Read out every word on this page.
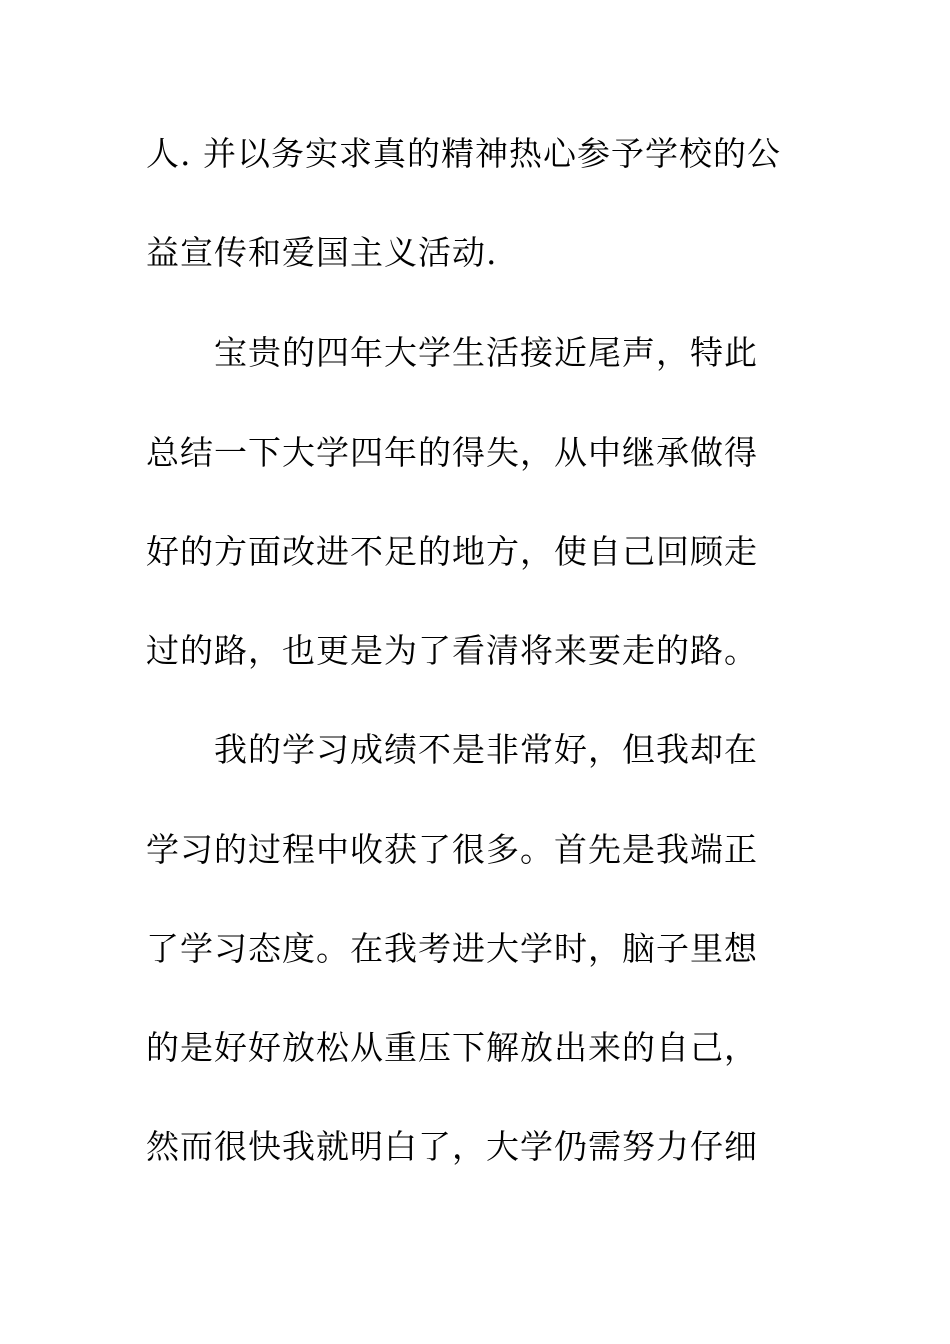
人. 并以务实求真的精神热心参予学校的公
益宣传和爱国主义活动.
宝贵的四年大学生活接近尾声，特此
总结一下大学四年的得失，从中继承做得
好的方面改进不足的地方，使自己回顾走
过的路，也更是为了看清将来要走的路。
我的学习成绩不是非常好，但我却在
学习的过程中收获了很多。首先是我端正
了学习态度。在我考进大学时，脑子里想
的是好好放松从重压下解放出来的自己，
然而很快我就明白了，大学仍需努力仔细
